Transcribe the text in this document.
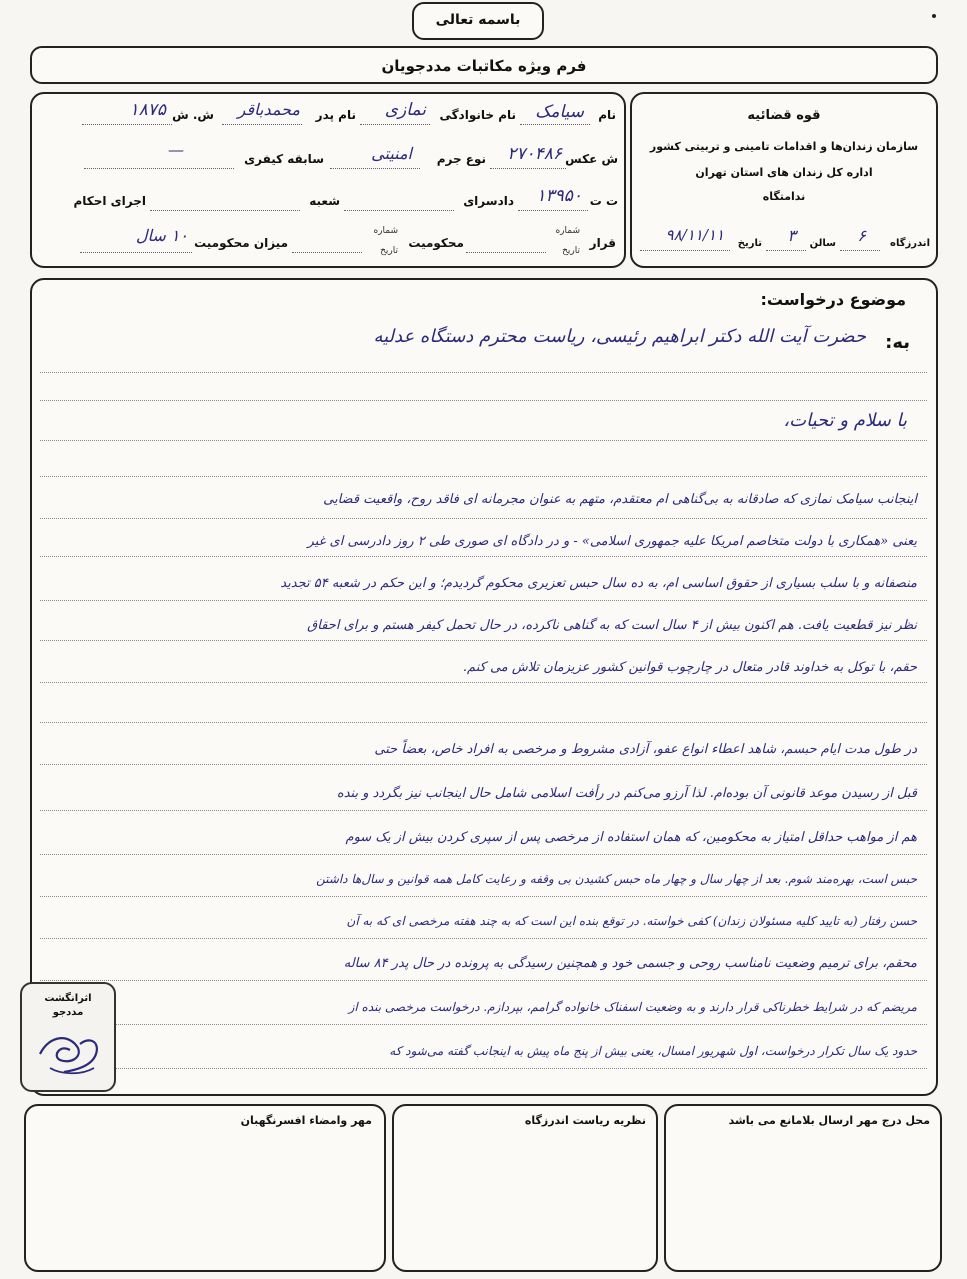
باسمه تعالی
فرم ویژه مکاتبات مددجویان
نام
سیامک
نام خانوادگی
نمازی
نام پدر
محمدباقر
ش. ش
۱۸۷۵
ش عکس
۲۷۰۴۸۶
نوع جرم
امنیتی
سابقه کیفری
—
ت ت
۱۳۹۵۰
دادسرای
شعبه
اجرای احکام
قرار
شماره
تاریخ
محکومیت
شماره
تاریخ
میزان محکومیت
۱۰ سال
قوه قضائیه
سازمان زندان‌ها و اقدامات تامینی و تربیتی کشور
اداره کل زندان های استان تهران
ندامتگاه
اندرزگاه
۶
سالن
۳
تاریخ
۹۸/۱۱/۱۱
موضوع درخواست:
به:
حضرت آیت الله دکتر ابراهیم رئیسی، ریاست محترم دستگاه عدلیه
با سلام و تحیات،
اینجانب سیامک نمازی که صادقانه به بی‌گناهی ام معتقدم، متهم به عنوان مجرمانه ای فاقد روح، واقعیت قضایی
یعنی «همکاری با دولت متخاصم امریکا علیه جمهوری اسلامی» - و در دادگاه ای صوری طی ۲ روز دادرسی ای غیر
منصفانه و با سلب بسیاری از حقوق اساسی ام، به ده سال حبس تعزیری محکوم گردیدم؛ و این حکم در شعبه ۵۴ تجدید
نظر نیز قطعیت یافت. هم اکنون بیش از ۴ سال است که به گناهی ناکرده، در حال تحمل کیفر هستم و برای احقاق
حقم، با توکل به خداوند قادر متعال در چارچوب قوانین کشور عزیزمان تلاش می کنم.
در طول مدت ایام حبسم، شاهد اعطاء انواع عفو، آزادی مشروط و مرخصی به افراد خاص، بعضاً حتی
قبل از رسیدن موعد قانونی آن بوده‌ام. لذا آرزو می‌کنم در رأفت اسلامی شامل حال اینجانب نیز بگردد و بنده
هم از مواهب حداقل امتیاز به محکومین، که همان استفاده از مرخصی پس از سپری کردن بیش از یک سوم
حبس است، بهره‌مند شوم. بعد از چهار سال و چهار ماه حبس کشیدن بی وقفه و رعایت کامل همه قوانین و سال‌ها داشتن
حسن رفتار (به تایید کلیه مسئولان زندان) کفی خواسته. در توقع بنده این است که به چند هفته مرخصی ای که به آن
محقم، برای ترمیم وضعیت نامناسب روحی و جسمی خود و همچنین رسیدگی به پرونده در حال پدر ۸۴ ساله
مریضم که در شرایط خطرناکی قرار دارند و به وضعیت اسفناک خانواده گرامم، بپردازم. درخواست مرخصی بنده از
حدود یک سال تکرار درخواست، اول شهریور امسال، یعنی بیش از پنج ماه پیش به اینجانب گفته می‌شود که
اثرانگشت مددجو
مهر وامضاء افسرنگهبان	نظریه ریاست اندرزگاه	محل درج مهر ارسال بلامانع می باشد
